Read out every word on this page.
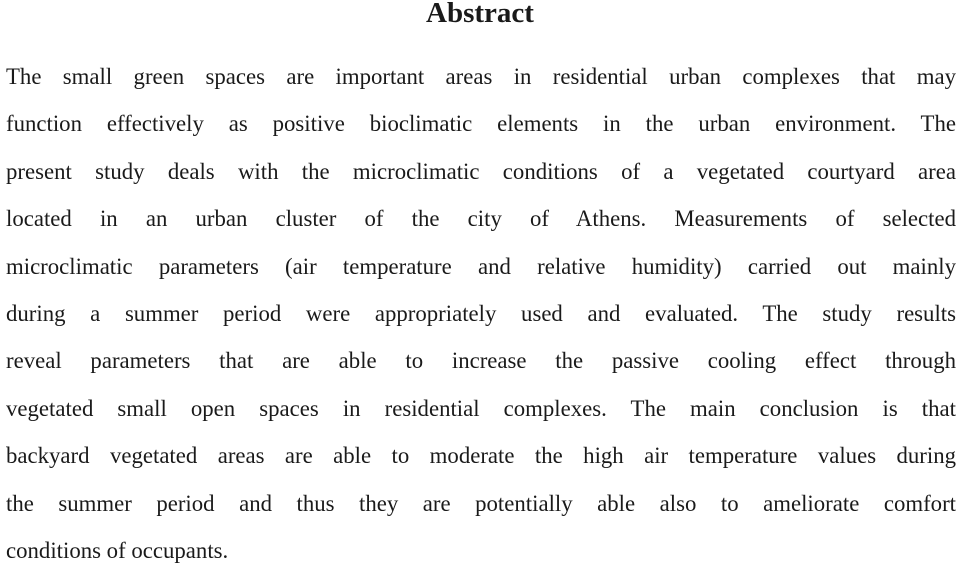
Abstract
The small green spaces are important areas in residential urban complexes that may
function effectively as positive bioclimatic elements in the urban environment. The
present study deals with the microclimatic conditions of a vegetated courtyard area
located in an urban cluster of the city of Athens. Measurements of selected
microclimatic parameters (air temperature and relative humidity) carried out mainly
during a summer period were appropriately used and evaluated. The study results
reveal parameters that are able to increase the passive cooling effect through
vegetated small open spaces in residential complexes. The main conclusion is that
backyard vegetated areas are able to moderate the high air temperature values during
the summer period and thus they are potentially able also to ameliorate comfort
conditions of occupants.
